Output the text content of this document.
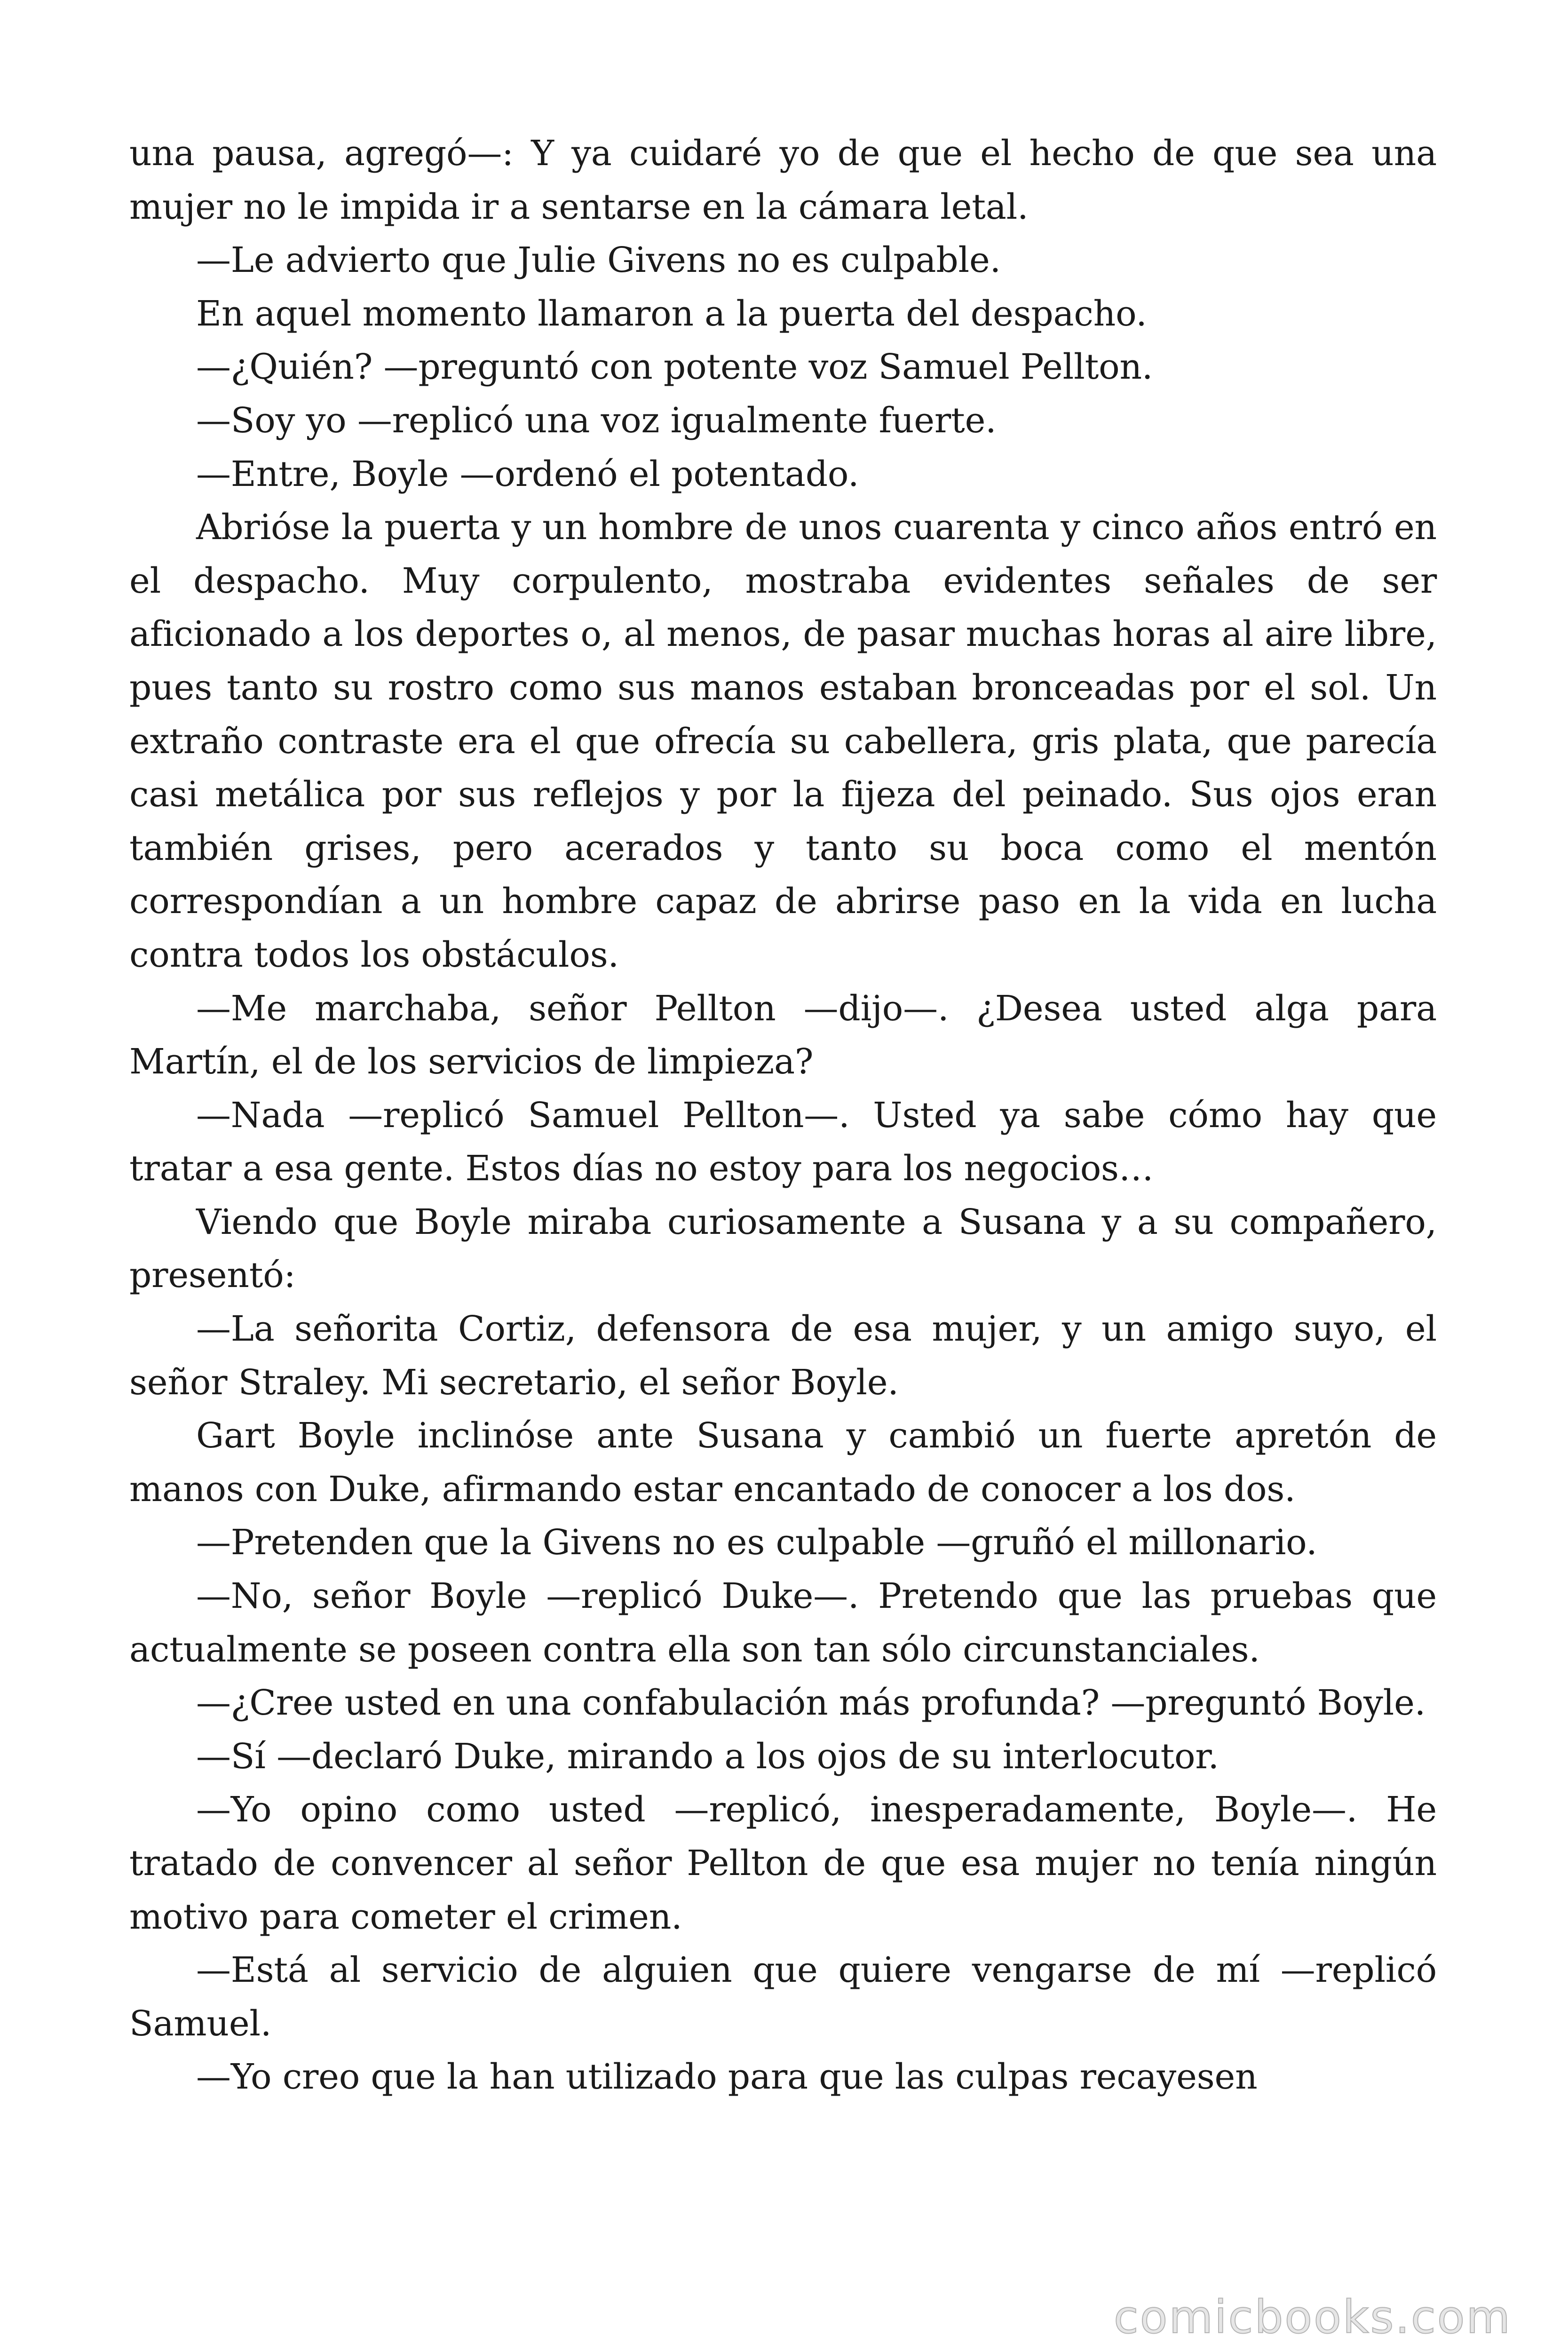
una pausa, agregó—: Y ya cuidaré yo de que el hecho de que sea una mujer no le impida ir a sentarse en la cámara letal.

—Le advierto que Julie Givens no es culpable.

En aquel momento llamaron a la puerta del despacho.

—¿Quién? —preguntó con potente voz Samuel Pellton.

—Soy yo —replicó una voz igualmente fuerte.

—Entre, Boyle —ordenó el potentado.

Abrióse la puerta y un hombre de unos cuarenta y cinco años entró en el despacho. Muy corpulento, mostraba evidentes señales de ser aficionado a los deportes o, al menos, de pasar muchas horas al aire libre, pues tanto su rostro como sus manos estaban bronceadas por el sol. Un extraño contraste era el que ofrecía su cabellera, gris plata, que parecía casi metálica por sus reflejos y por la fijeza del peinado. Sus ojos eran también grises, pero acerados y tanto su boca como el mentón correspondían a un hombre capaz de abrirse paso en la vida en lucha contra todos los obstáculos.

—Me marchaba, señor Pellton —dijo—. ¿Desea usted alga para Martín, el de los servicios de limpieza?

—Nada —replicó Samuel Pellton—. Usted ya sabe cómo hay que tratar a esa gente. Estos días no estoy para los negocios…

Viendo que Boyle miraba curiosamente a Susana y a su compañero, presentó:

—La señorita Cortiz, defensora de esa mujer, y un amigo suyo, el señor Straley. Mi secretario, el señor Boyle.

Gart Boyle inclinóse ante Susana y cambió un fuerte apretón de manos con Duke, afirmando estar encantado de conocer a los dos.

—Pretenden que la Givens no es culpable —gruñó el millonario.

—No, señor Boyle —replicó Duke—. Pretendo que las pruebas que actualmente se poseen contra ella son tan sólo circunstanciales.

—¿Cree usted en una confabulación más profunda? —preguntó Boyle.

—Sí —declaró Duke, mirando a los ojos de su interlocutor.

—Yo opino como usted —replicó, inesperadamente, Boyle—. He tratado de convencer al señor Pellton de que esa mujer no tenía ningún motivo para cometer el crimen.

—Está al servicio de alguien que quiere vengarse de mí —replicó Samuel.

—Yo creo que la han utilizado para que las culpas recayesen

comicbooks.com
